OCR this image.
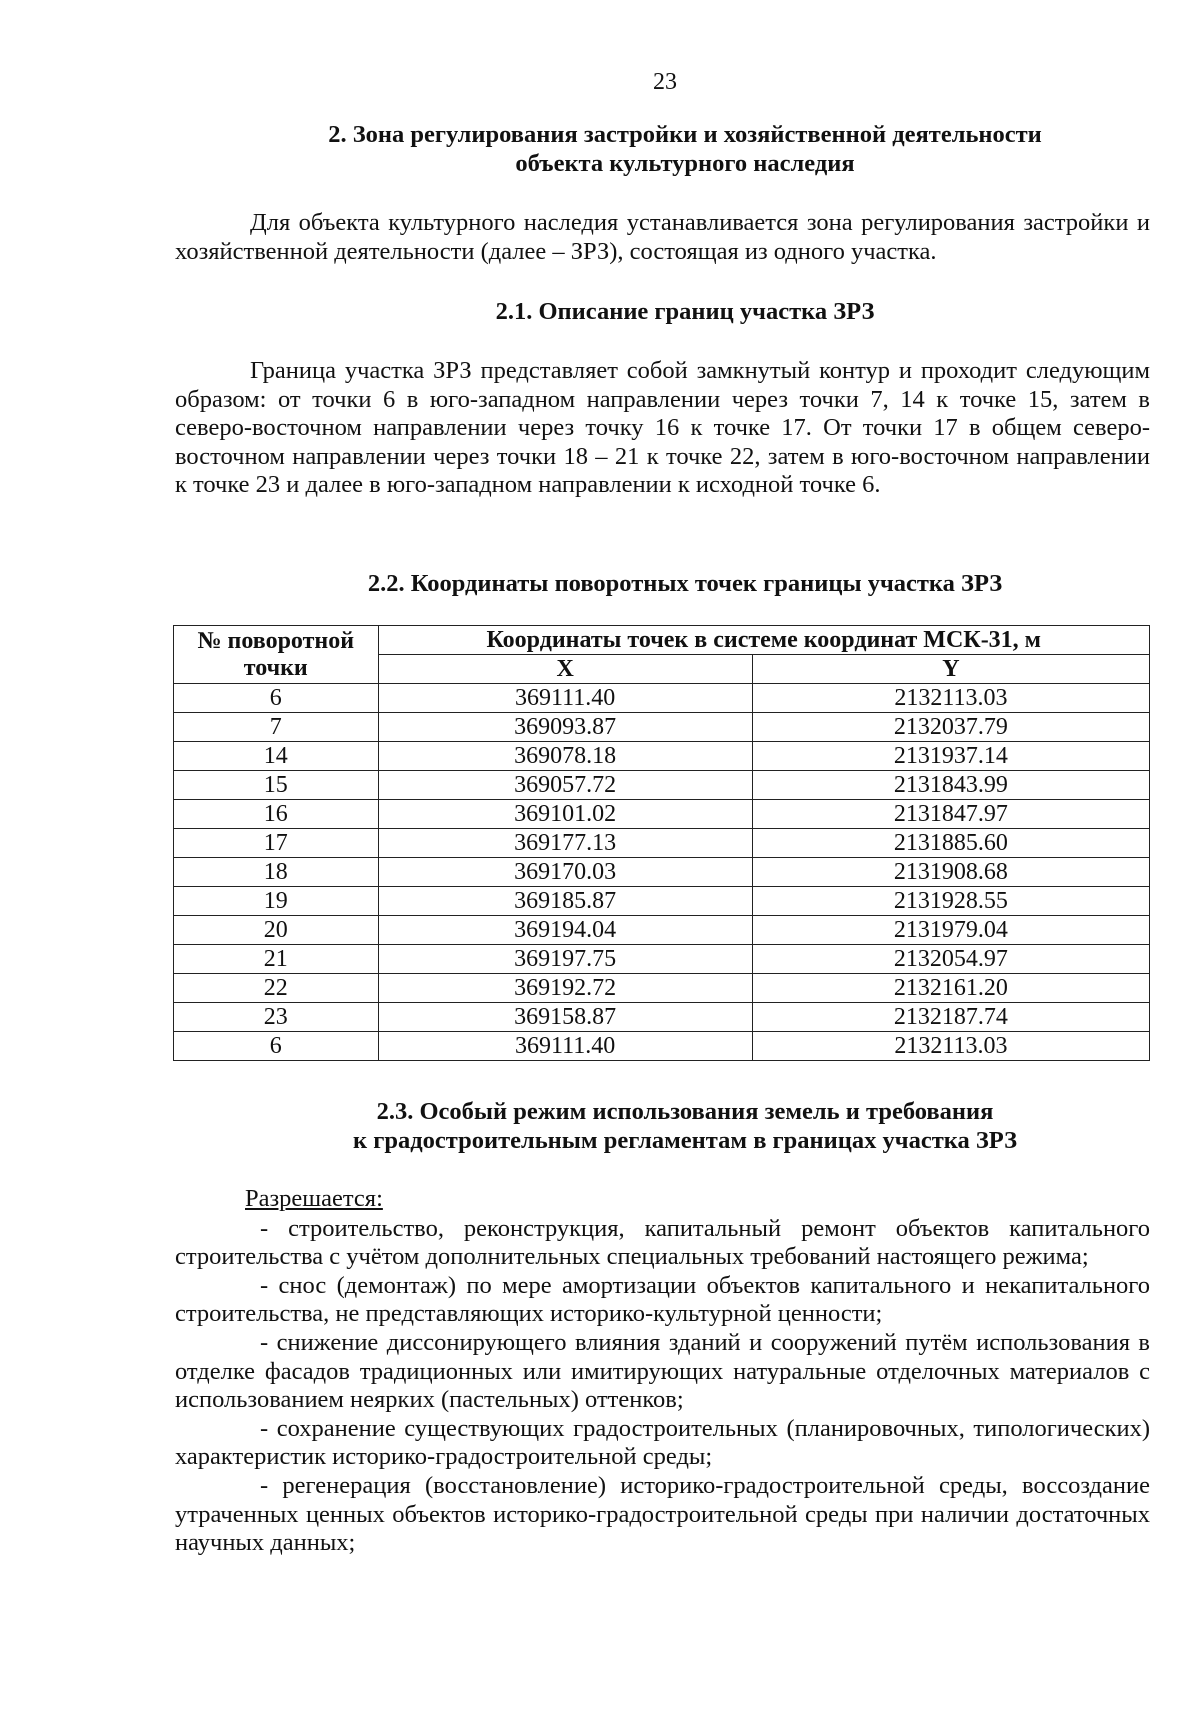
23
2. Зона регулирования застройки и хозяйственной деятельности
объекта культурного наследия

Для объекта культурного наследия устанавливается зона регулирования застройки и хозяйственной деятельности (далее – ЗРЗ), состоящая из одного участка.

2.1. Описание границ участка ЗРЗ

Граница участка ЗРЗ представляет собой замкнутый контур и проходит следующим образом: от точки 6 в юго-западном направлении через точки 7, 14 к точке 15, затем в северо-восточном направлении через точку 16 к точке 17. От точки 17 в общем северо-восточном направлении через точки 18 – 21 к точке 22, затем в юго-восточном направлении к точке 23 и далее в юго-западном направлении к исходной точке 6.

2.2. Координаты поворотных точек границы участка ЗРЗ
№ поворотной точки	Координаты точек в системе координат МСК-31, м	
	X	Y
6	369111.40	2132113.03
7	369093.87	2132037.79
14	369078.18	2131937.14
15	369057.72	2131843.99
16	369101.02	2131847.97
17	369177.13	2131885.60
18	369170.03	2131908.68
19	369185.87	2131928.55
20	369194.04	2131979.04
21	369197.75	2132054.97
22	369192.72	2132161.20
23	369158.87	2132187.74
6	369111.40	2132113.03
2.3. Особый режим использования земель и требования
к градостроительным регламентам в границах участка ЗРЗ

Разрешается:

- строительство, реконструкция, капитальный ремонт объектов капитального строительства с учётом дополнительных специальных требований настоящего режима;

- снос (демонтаж) по мере амортизации объектов капитального и некапитального строительства, не представляющих историко-культурной ценности;

- снижение диссонирующего влияния зданий и сооружений путём использования в отделке фасадов традиционных или имитирующих натуральные отделочных материалов с использованием неярких (пастельных) оттенков;

- сохранение существующих градостроительных (планировочных, типологических) характеристик историко-градостроительной среды;

- регенерация (восстановление) историко-градостроительной среды, воссоздание утраченных ценных объектов историко-градостроительной среды при наличии достаточных научных данных;
